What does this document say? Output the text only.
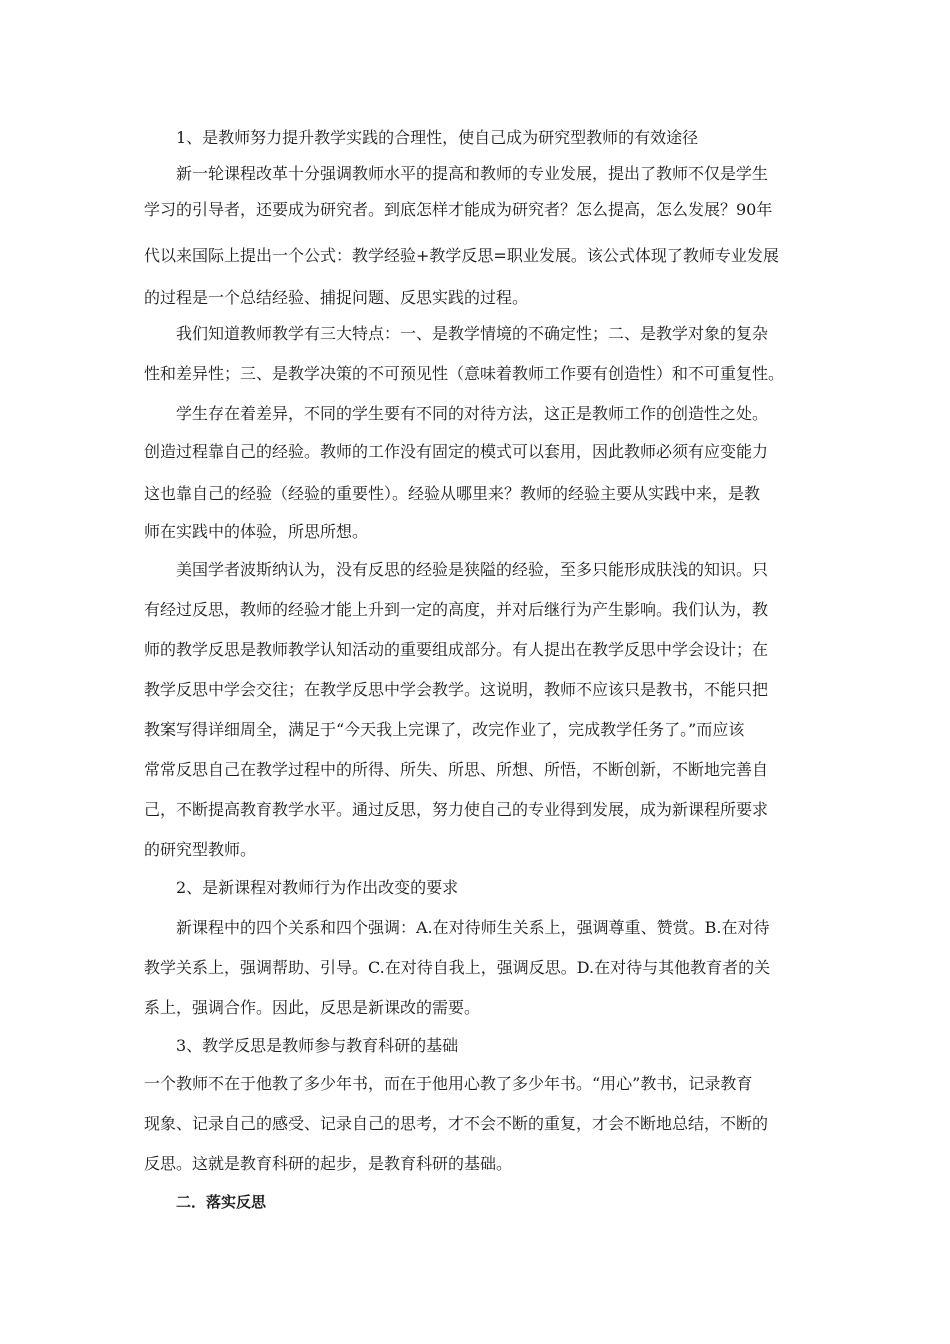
1、是教师努力提升教学实践的合理性，使自己成为研究型教师的有效途径
新一轮课程改革十分强调教师水平的提高和教师的专业发展，提出了教师不仅是学生
学习的引导者，还要成为研究者。到底怎样才能成为研究者？怎么提高，怎么发展？90年
代以来国际上提出一个公式：教学经验+教学反思=职业发展。该公式体现了教师专业发展
的过程是一个总结经验、捕捉问题、反思实践的过程。
我们知道教师教学有三大特点：一、是教学情境的不确定性；二、是教学对象的复杂
性和差异性；三、是教学决策的不可预见性（意味着教师工作要有创造性）和不可重复性。
学生存在着差异，不同的学生要有不同的对待方法，这正是教师工作的创造性之处。
创造过程靠自己的经验。教师的工作没有固定的模式可以套用，因此教师必须有应变能力
这也靠自己的经验（经验的重要性）。经验从哪里来？教师的经验主要从实践中来，是教
师在实践中的体验，所思所想。
美国学者波斯纳认为，没有反思的经验是狭隘的经验，至多只能形成肤浅的知识。只
有经过反思，教师的经验才能上升到一定的高度，并对后继行为产生影响。我们认为，教
师的教学反思是教师教学认知活动的重要组成部分。有人提出在教学反思中学会设计；在
教学反思中学会交往；在教学反思中学会教学。这说明，教师不应该只是教书，不能只把
教案写得详细周全，满足于“今天我上完课了，改完作业了，完成教学任务了。”而应该
常常反思自己在教学过程中的所得、所失、所思、所想、所悟，不断创新，不断地完善自
己，不断提高教育教学水平。通过反思，努力使自己的专业得到发展，成为新课程所要求
的研究型教师。
2、是新课程对教师行为作出改变的要求
新课程中的四个关系和四个强调：A.在对待师生关系上，强调尊重、赞赏。B.在对待
教学关系上，强调帮助、引导。C.在对待自我上，强调反思。D.在对待与其他教育者的关
系上，强调合作。因此，反思是新课改的需要。
3、教学反思是教师参与教育科研的基础
一个教师不在于他教了多少年书，而在于他用心教了多少年书。“用心”教书，记录教育
现象、记录自己的感受、记录自己的思考，才不会不断的重复，才会不断地总结，不断的
反思。这就是教育科研的起步，是教育科研的基础。
二．落实反思
